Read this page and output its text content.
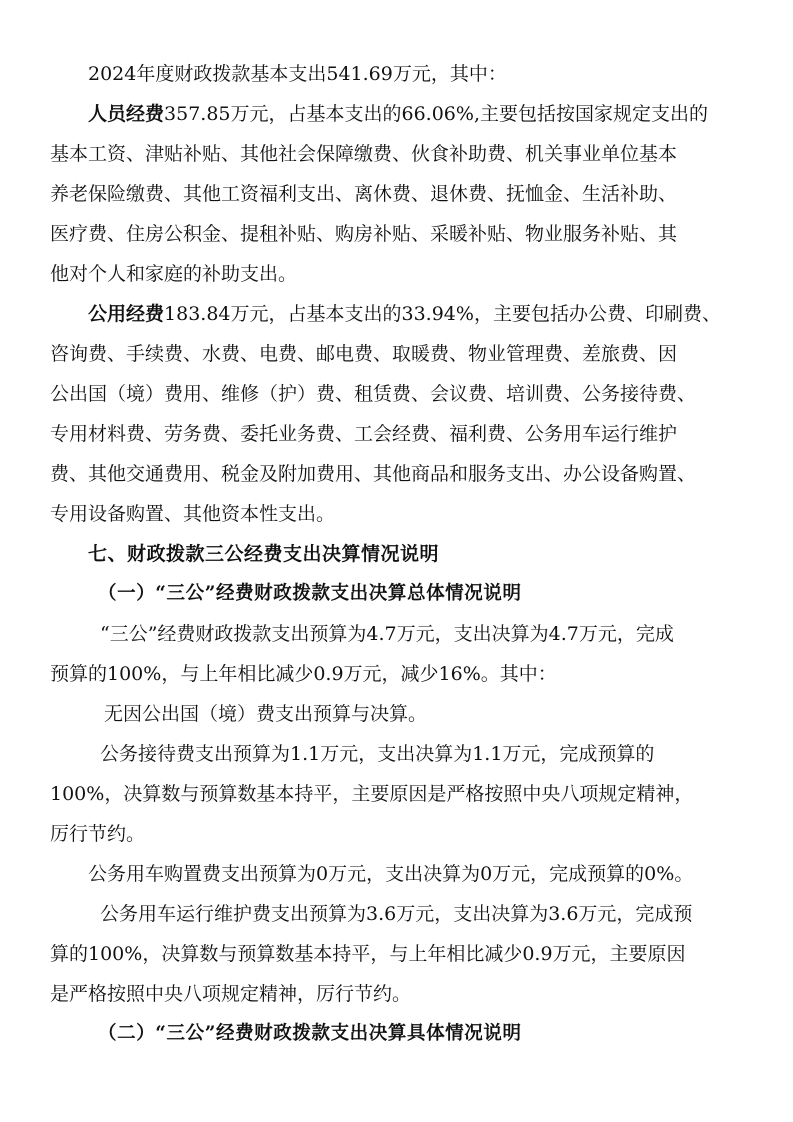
2024年度财政拨款基本支出541.69万元，其中：
人员经费357.85万元，占基本支出的66.06%,主要包括按国家规定支出的
基本工资、津贴补贴、其他社会保障缴费、伙食补助费、机关事业单位基本
养老保险缴费、其他工资福利支出、离休费、退休费、抚恤金、生活补助、
医疗费、住房公积金、提租补贴、购房补贴、采暖补贴、物业服务补贴、其
他对个人和家庭的补助支出。
公用经费183.84万元，占基本支出的33.94%，主要包括办公费、印刷费、
咨询费、手续费、水费、电费、邮电费、取暖费、物业管理费、差旅费、因
公出国（境）费用、维修（护）费、租赁费、会议费、培训费、公务接待费、
专用材料费、劳务费、委托业务费、工会经费、福利费、公务用车运行维护
费、其他交通费用、税金及附加费用、其他商品和服务支出、办公设备购置、
专用设备购置、其他资本性支出。
七、财政拨款三公经费支出决算情况说明
（一）“三公”经费财政拨款支出决算总体情况说明
“三公”经费财政拨款支出预算为4.7万元，支出决算为4.7万元，完成
预算的100%，与上年相比减少0.9万元，减少16%。其中：
无因公出国（境）费支出预算与决算。
公务接待费支出预算为1.1万元，支出决算为1.1万元，完成预算的
100%，决算数与预算数基本持平，主要原因是严格按照中央八项规定精神，
厉行节约。
公务用车购置费支出预算为0万元，支出决算为0万元，完成预算的0%。
公务用车运行维护费支出预算为3.6万元，支出决算为3.6万元，完成预
算的100%，决算数与预算数基本持平，与上年相比减少0.9万元，主要原因
是严格按照中央八项规定精神，厉行节约。
（二）“三公”经费财政拨款支出决算具体情况说明
